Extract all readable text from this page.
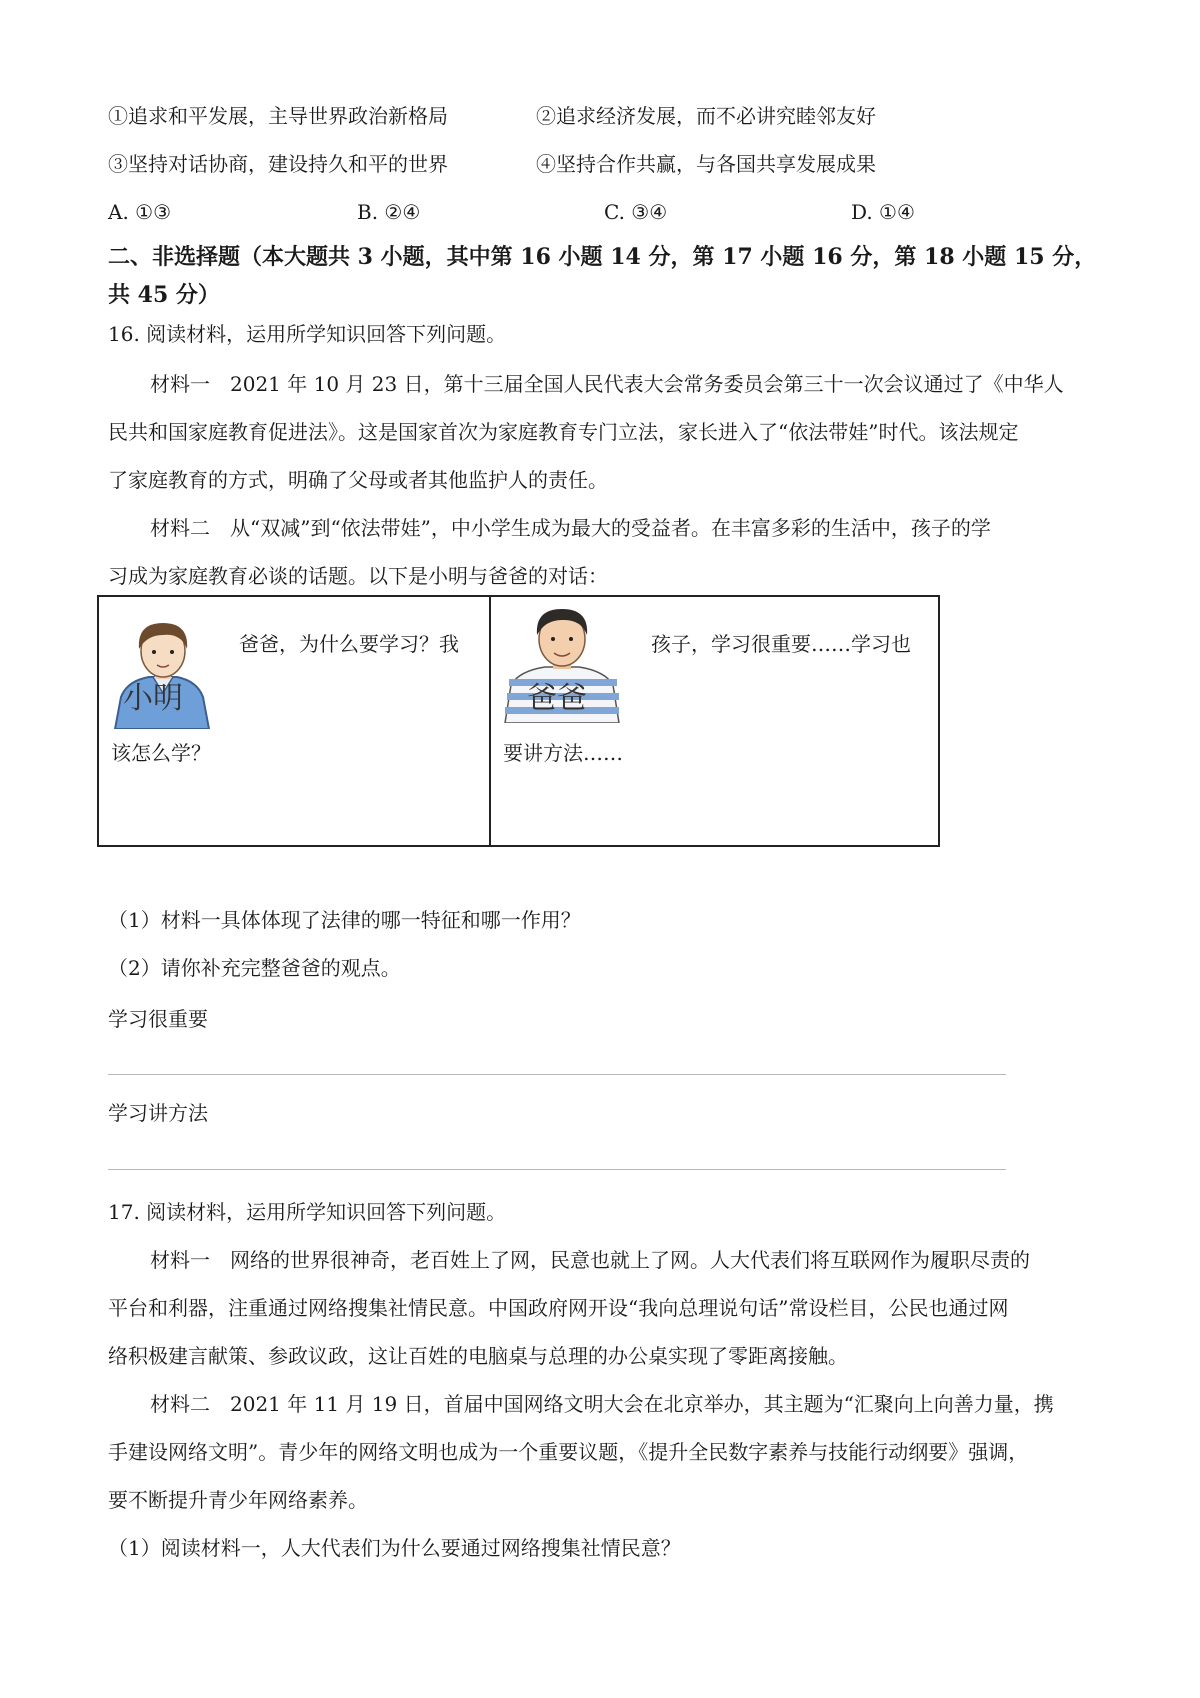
①追求和平发展，主导世界政治新格局	②追求经济发展，而不必讲究睦邻友好
③坚持对话协商，建设持久和平的世界	④坚持合作共赢，与各国共享发展成果
A. ①③	B. ②④	C. ③④	D. ①④
二、非选择题（本大题共 3 小题，其中第 16 小题 14 分，第 17 小题 16 分，第 18 小题 15 分，
共 45 分）
16. 阅读材料，运用所学知识回答下列问题。
材料一　2021 年 10 月 23 日，第十三届全国人民代表大会常务委员会第三十一次会议通过了《中华人
民共和国家庭教育促进法》。这是国家首次为家庭教育专门立法，家长进入了“依法带娃”时代。该法规定
了家庭教育的方式，明确了父母或者其他监护人的责任。
材料二　从“双减”到“依法带娃”，中小学生成为最大的受益者。在丰富多彩的生活中，孩子的学
习成为家庭教育必谈的话题。以下是小明与爸爸的对话：
小明
爸爸，为什么要学习？我
该怎么学？
爸爸
孩子，学习很重要……学习也
要讲方法……
（1）材料一具体体现了法律的哪一特征和哪一作用？
（2）请你补充完整爸爸的观点。
学习很重要
学习讲方法
17. 阅读材料，运用所学知识回答下列问题。
材料一　网络的世界很神奇，老百姓上了网，民意也就上了网。人大代表们将互联网作为履职尽责的
平台和利器，注重通过网络搜集社情民意。中国政府网开设“我向总理说句话”常设栏目，公民也通过网
络积极建言献策、参政议政，这让百姓的电脑桌与总理的办公桌实现了零距离接触。
材料二　2021 年 11 月 19 日，首届中国网络文明大会在北京举办，其主题为“汇聚向上向善力量，携
手建设网络文明”。青少年的网络文明也成为一个重要议题，《提升全民数字素养与技能行动纲要》强调，
要不断提升青少年网络素养。
（1）阅读材料一，人大代表们为什么要通过网络搜集社情民意？
